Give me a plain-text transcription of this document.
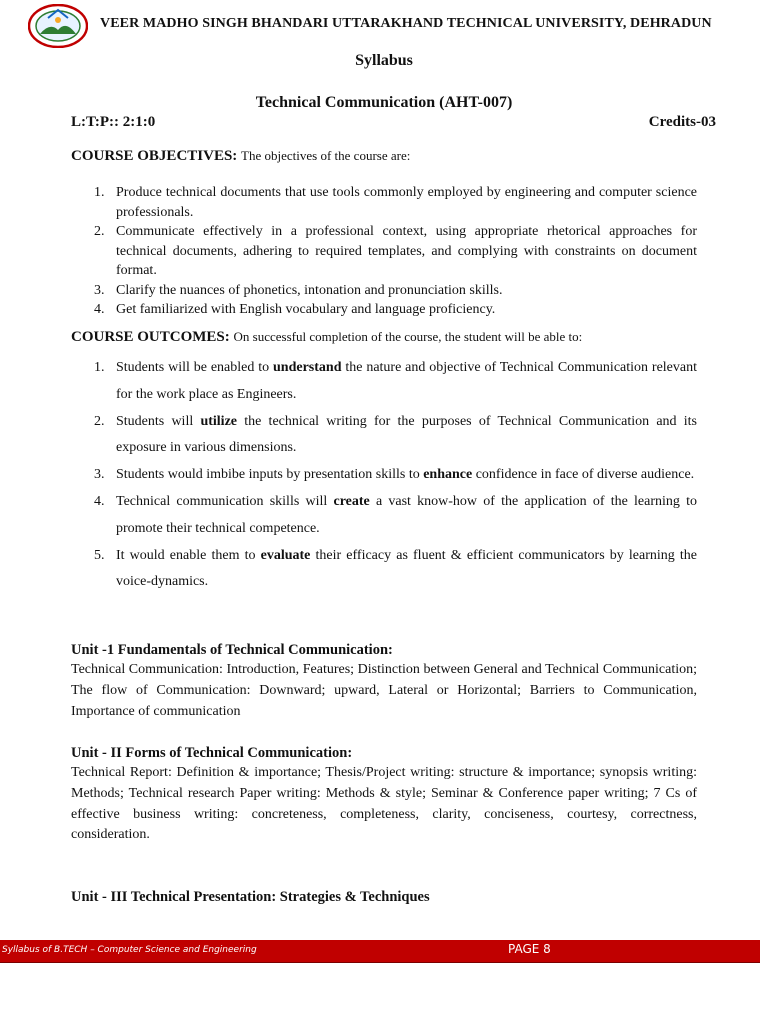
VEER MADHO SINGH BHANDARI UTTARAKHAND TECHNICAL UNIVERSITY, DEHRADUN
Syllabus
Technical Communication (AHT-007)
L:T:P:: 2:1:0	Credits-03
COURSE OBJECTIVES: The objectives of the course are:
1. Produce technical documents that use tools commonly employed by engineering and computer science professionals.
2. Communicate effectively in a professional context, using appropriate rhetorical approaches for technical documents, adhering to required templates, and complying with constraints on document format.
3. Clarify the nuances of phonetics, intonation and pronunciation skills.
4. Get familiarized with English vocabulary and language proficiency.
COURSE OUTCOMES: On successful completion of the course, the student will be able to:
1. Students will be enabled to understand the nature and objective of Technical Communication relevant for the work place as Engineers.
2. Students will utilize the technical writing for the purposes of Technical Communication and its exposure in various dimensions.
3. Students would imbibe inputs by presentation skills to enhance confidence in face of diverse audience.
4. Technical communication skills will create a vast know-how of the application of the learning to promote their technical competence.
5. It would enable them to evaluate their efficacy as fluent & efficient communicators by learning the voice-dynamics.
Unit -1 Fundamentals of Technical Communication:
Technical Communication: Introduction, Features; Distinction between General and Technical Communication; The flow of Communication: Downward; upward, Lateral or Horizontal; Barriers to Communication, Importance of communication
Unit - II Forms of Technical Communication:
Technical Report: Definition & importance; Thesis/Project writing: structure & importance; synopsis writing: Methods; Technical research Paper writing: Methods & style; Seminar & Conference paper writing; 7 Cs of effective business writing: concreteness, completeness, clarity, conciseness, courtesy, correctness, consideration.
Unit - III Technical Presentation: Strategies & Techniques
Syllabus of B.TECH – Computer Science and Engineering	PAGE 8
